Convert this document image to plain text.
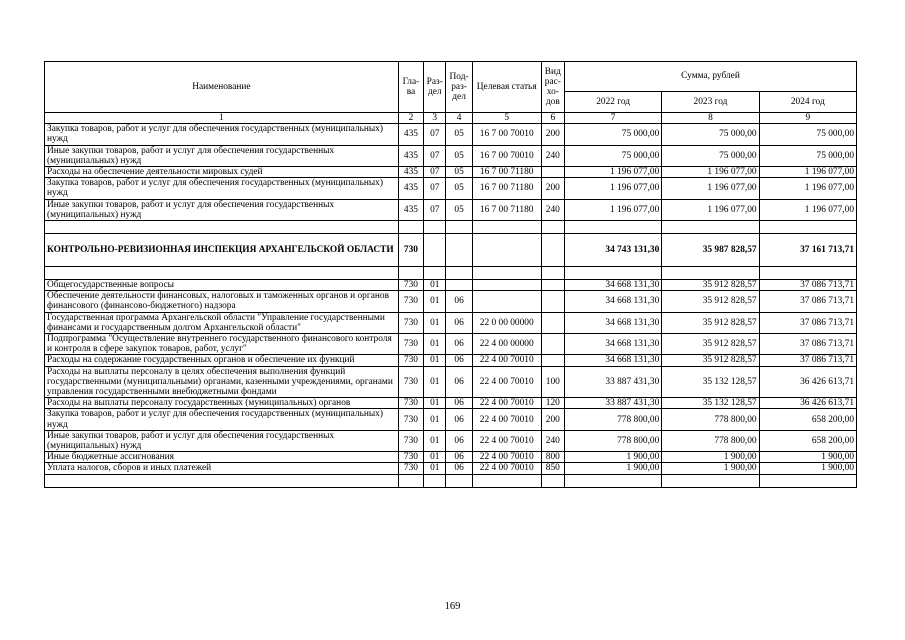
Наименование	Гла-ва	Раз-дел	Под-раз-дел	Целевая статья	Вид рас-хо-дов	Сумма, рублей		
						2022 год	2023 год	2024 год
1	2	3	4	5	6	7	8	9
Закупка товаров, работ и услуг для обеспечения государственных (муниципальных) нужд	435	07	05	16 7 00 70010	200	75 000,00	75 000,00	75 000,00
Иные закупки товаров, работ и услуг для обеспечения государственных (муниципальных) нужд	435	07	05	16 7 00 70010	240	75 000,00	75 000,00	75 000,00
Расходы на обеспечение деятельности мировых судей	435	07	05	16 7 00 71180		1 196 077,00	1 196 077,00	1 196 077,00
Закупка товаров, работ и услуг для обеспечения государственных (муниципальных) нужд	435	07	05	16 7 00 71180	200	1 196 077,00	1 196 077,00	1 196 077,00
Иные закупки товаров, работ и услуг для обеспечения государственных (муниципальных) нужд	435	07	05	16 7 00 71180	240	1 196 077,00	1 196 077,00	1 196 077,00

КОНТРОЛЬНО-РЕВИЗИОННАЯ ИНСПЕКЦИЯ АРХАНГЕЛЬСКОЙ ОБЛАСТИ	730					34 743 131,30	35 987 828,57	37 161 713,71

Общегосударственные вопросы	730	01				34 668 131,30	35 912 828,57	37 086 713,71
Обеспечение деятельности финансовых, налоговых и таможенных органов и органов финансового (финансово-бюджетного) надзора	730	01	06			34 668 131,30	35 912 828,57	37 086 713,71
Государственная программа Архангельской области "Управление государственными финансами и государственным долгом Архангельской области"	730	01	06	22 0 00 00000		34 668 131,30	35 912 828,57	37 086 713,71
Подпрограмма "Осуществление внутреннего государственного финансового контроля и контроля в сфере закупок товаров, работ, услуг"	730	01	06	22 4 00 00000		34 668 131,30	35 912 828,57	37 086 713,71
Расходы на содержание государственных органов и обеспечение их функций	730	01	06	22 4 00 70010		34 668 131,30	35 912 828,57	37 086 713,71
Расходы на выплаты персоналу в целях обеспечения выполнения функций государственными (муниципальными) органами, казенными учреждениями, органами управления государственными внебюджетными фондами	730	01	06	22 4 00 70010	100	33 887 431,30	35 132 128,57	36 426 613,71
Расходы на выплаты персоналу государственных (муниципальных) органов	730	01	06	22 4 00 70010	120	33 887 431,30	35 132 128,57	36 426 613,71
Закупка товаров, работ и услуг для обеспечения государственных (муниципальных) нужд	730	01	06	22 4 00 70010	200	778 800,00	778 800,00	658 200,00
Иные закупки товаров, работ и услуг для обеспечения государственных (муниципальных) нужд	730	01	06	22 4 00 70010	240	778 800,00	778 800,00	658 200,00
Иные бюджетные ассигнования	730	01	06	22 4 00 70010	800	1 900,00	1 900,00	1 900,00
Уплата налогов, сборов и иных платежей	730	01	06	22 4 00 70010	850	1 900,00	1 900,00	1 900,00

169
